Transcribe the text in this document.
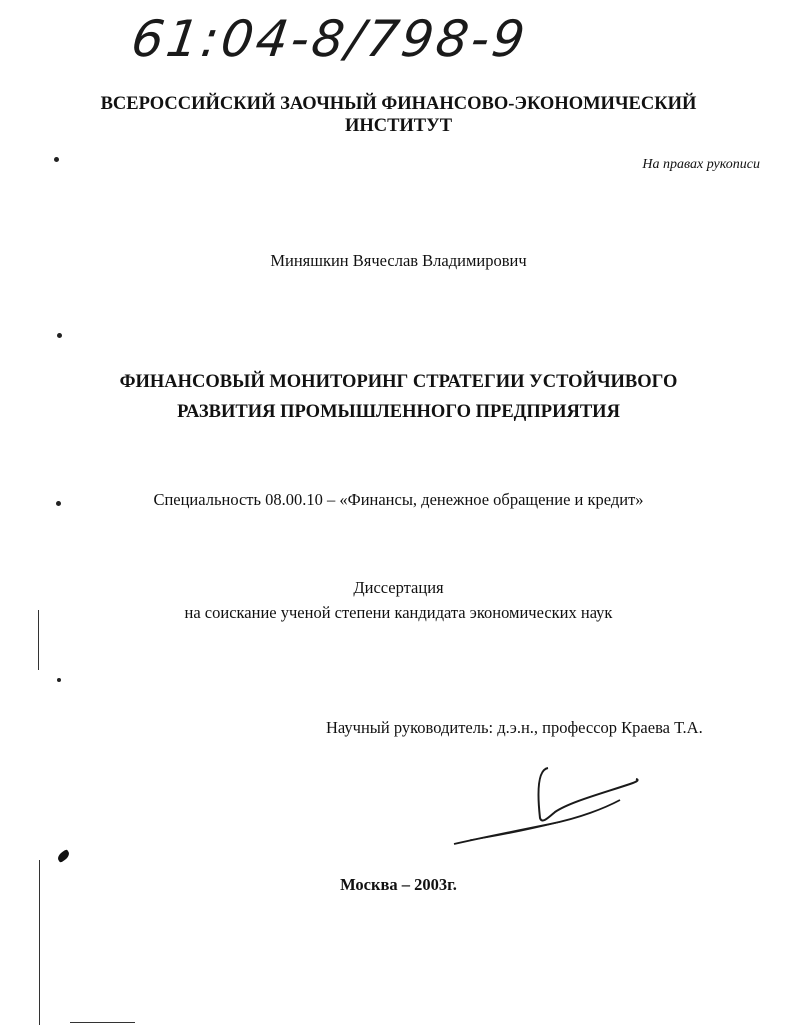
61:04-8/798-9
ВСЕРОССИЙСКИЙ ЗАОЧНЫЙ ФИНАНСОВО-ЭКОНОМИЧЕСКИЙ
ИНСТИТУТ
На правах рукописи
Миняшкин Вячеслав Владимирович
ФИНАНСОВЫЙ МОНИТОРИНГ СТРАТЕГИИ УСТОЙЧИВОГО
РАЗВИТИЯ ПРОМЫШЛЕННОГО ПРЕДПРИЯТИЯ
Специальность 08.00.10 – «Финансы, денежное обращение и кредит»
Диссертация
на соискание ученой степени кандидата экономических наук
Научный руководитель: д.э.н., профессор Краева Т.А.
Москва – 2003г.
